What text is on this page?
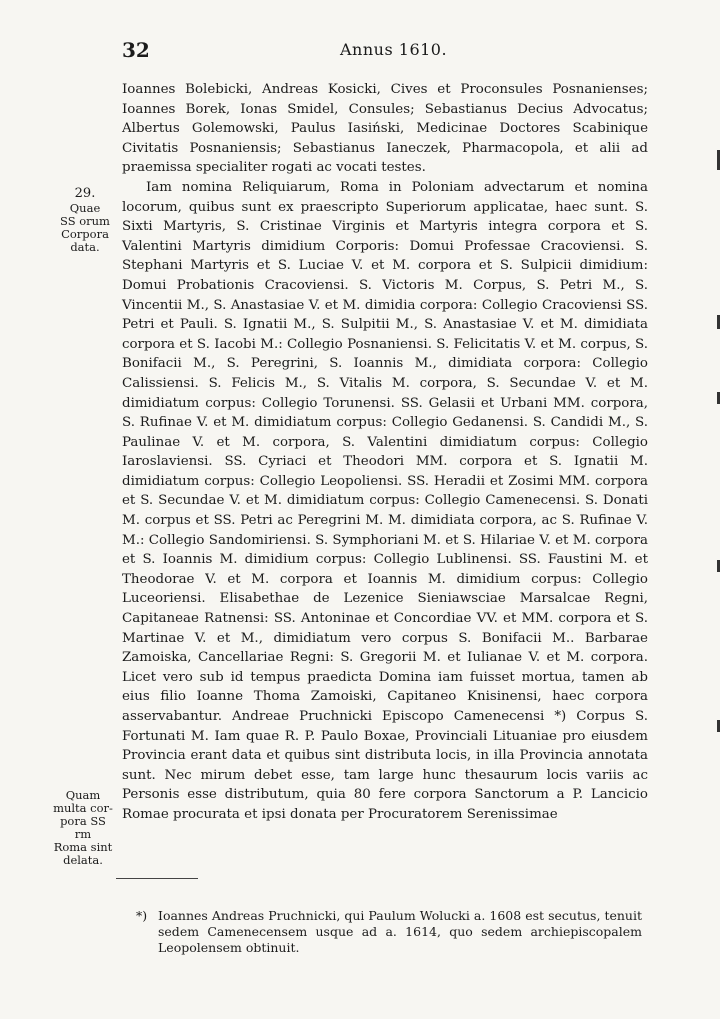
32	Annus 1610.
29.
Quae
SS orum
Corpora
data.
Quam
multa cor-
pora SS rm
Roma sint
delata.

Ioannes Bolebicki, Andreas Kosicki, Cives et Proconsules Posnanienses; Ioannes Borek, Ionas Smidel, Consules; Sebastianus Decius Advocatus; Albertus Golemowski, Paulus Iasiński, Medicinae Doctores Scabinique Civitatis Posnaniensis; Sebastianus Ianeczek, Pharmacopola, et alii ad praemissa specialiter rogati ac vocati testes.

Iam nomina Reliquiarum, Roma in Poloniam advectarum et nomina locorum, quibus sunt ex praescripto Superiorum applicatae, haec sunt. S. Sixti Martyris, S. Cristinae Virginis et Martyris integra corpora et S. Valentini Martyris dimidium Corporis: Domui Professae Cracoviensi. S. Stephani Martyris et S. Luciae V. et M. corpora et S. Sulpicii dimidium: Domui Probationis Cracoviensi. S. Victoris M. Corpus, S. Petri M., S. Vincentii M., S. Anastasiae V. et M. dimidia corpora: Collegio Cracoviensi SS. Petri et Pauli. S. Ignatii M., S. Sulpitii M., S. Anastasiae V. et M. dimidiata corpora et S. Iacobi M.: Collegio Posnaniensi. S. Felicitatis V. et M. corpus, S. Bonifacii M., S. Peregrini, S. Ioannis M., dimidiata corpora: Collegio Calissiensi. S. Felicis M., S. Vitalis M. corpora, S. Secundae V. et M. dimidiatum corpus: Collegio Torunensi. SS. Gelasii et Urbani MM. corpora, S. Rufinae V. et M. dimidiatum corpus: Collegio Gedanensi. S. Candidi M., S. Paulinae V. et M. corpora, S. Valentini dimidiatum corpus: Collegio Iaroslaviensi. SS. Cyriaci et Theodori MM. corpora et S. Ignatii M. dimidiatum corpus: Collegio Leopoliensi. SS. Heradii et Zosimi MM. corpora et S. Secundae V. et M. dimidiatum corpus: Collegio Camenecensi. S. Donati M. corpus et SS. Petri ac Peregrini M. M. dimidiata corpora, ac S. Rufinae V. M.: Collegio Sandomiriensi. S. Symphoriani M. et S. Hilariae V. et M. corpora et S. Ioannis M. dimidium corpus: Collegio Lublinensi. SS. Faustini M. et Theodorae V. et M. corpora et Ioannis M. dimidium corpus: Collegio Luceoriensi. Elisabethae de Lezenice Sieniawsciae Marsalcae Regni, Capitaneae Ratnensi: SS. Antoninae et Concordiae VV. et MM. corpora et S. Martinae V. et M., dimidiatum vero corpus S. Bonifacii M.. Barbarae Zamoiska, Cancellariae Regni: S. Gregorii M. et Iulianae V. et M. corpora. Licet vero sub id tempus praedicta Domina iam fuisset mortua, tamen ab eius filio Ioanne Thoma Zamoiski, Capitaneo Knisinensi, haec corpora asservabantur. Andreae Pruchnicki Episcopo Camenecensi *) Corpus S. Fortunati M. Iam quae R. P. Paulo Boxae, Provinciali Lituaniae pro eiusdem Provincia erant data et quibus sint distributa locis, in illa Provincia annotata sunt. Nec mirum debet esse, tam large hunc thesaurum locis variis ac Personis esse distributum, quia 80 fere corpora Sanctorum a P. Lancicio Romae procurata et ipsi donata per Procuratorem Serenissimae

*) Ioannes Andreas Pruchnicki, qui Paulum Wolucki a. 1608 est secutus, tenuit sedem Camenecensem usque ad a. 1614, quo sedem archiepiscopalem Leopolensem obtinuit.
